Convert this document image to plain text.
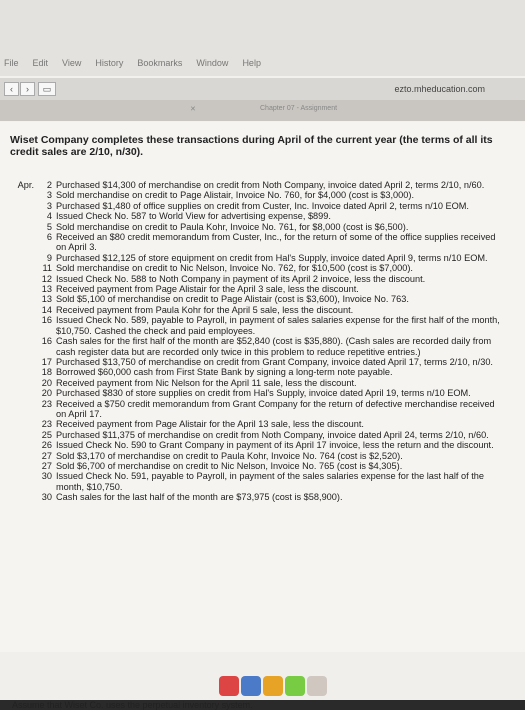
File Edit View History Bookmarks Window Help
‹	›	▭	ezto.mheducation.com
✕	Chapter 07 - Assignment
Wiset Company completes these transactions during April of the current year (the terms of all its credit sales are 2/10, n/30).
Apr.	2 Purchased $14,300 of merchandise on credit from Noth Company, invoice dated April 2, terms 2/10, n/60.
3 Sold merchandise on credit to Page Alistair, Invoice No. 760, for $4,000 (cost is $3,000).
3 Purchased $1,480 of office supplies on credit from Custer, Inc. Invoice dated April 2, terms n/10 EOM.
4 Issued Check No. 587 to World View for advertising expense, $899.
5 Sold merchandise on credit to Paula Kohr, Invoice No. 761, for $8,000 (cost is $6,500).
6 Received an $80 credit memorandum from Custer, Inc., for the return of some of the office supplies received on April 3.
9 Purchased $12,125 of store equipment on credit from Hal's Supply, invoice dated April 9, terms n/10 EOM.
11 Sold merchandise on credit to Nic Nelson, Invoice No. 762, for $10,500 (cost is $7,000).
12 Issued Check No. 588 to Noth Company in payment of its April 2 invoice, less the discount.
13 Received payment from Page Alistair for the April 3 sale, less the discount.
13 Sold $5,100 of merchandise on credit to Page Alistair (cost is $3,600), Invoice No. 763.
14 Received payment from Paula Kohr for the April 5 sale, less the discount.
16 Issued Check No. 589, payable to Payroll, in payment of sales salaries expense for the first half of the month, $10,750. Cashed the check and paid employees.
16 Cash sales for the first half of the month are $52,840 (cost is $35,880). (Cash sales are recorded daily from cash register data but are recorded only twice in this problem to reduce repetitive entries.)
17 Purchased $13,750 of merchandise on credit from Grant Company, invoice dated April 17, terms 2/10, n/30.
18 Borrowed $60,000 cash from First State Bank by signing a long-term note payable.
20 Received payment from Nic Nelson for the April 11 sale, less the discount.
20 Purchased $830 of store supplies on credit from Hal's Supply, invoice dated April 19, terms n/10 EOM.
23 Received a $750 credit memorandum from Grant Company for the return of defective merchandise received on April 17.
23 Received payment from Page Alistair for the April 13 sale, less the discount.
25 Purchased $11,375 of merchandise on credit from Noth Company, invoice dated April 24, terms 2/10, n/60.
26 Issued Check No. 590 to Grant Company in payment of its April 17 invoice, less the return and the discount.
27 Sold $3,170 of merchandise on credit to Paula Kohr, Invoice No. 764 (cost is $2,520).
27 Sold $6,700 of merchandise on credit to Nic Nelson, Invoice No. 765 (cost is $4,305).
30 Issued Check No. 591, payable to Payroll, in payment of the sales salaries expense for the last half of the month, $10,750.
30 Cash sales for the last half of the month are $73,975 (cost is $58,900).
Assume that Wiset Co. uses the perpetual inventory system.
